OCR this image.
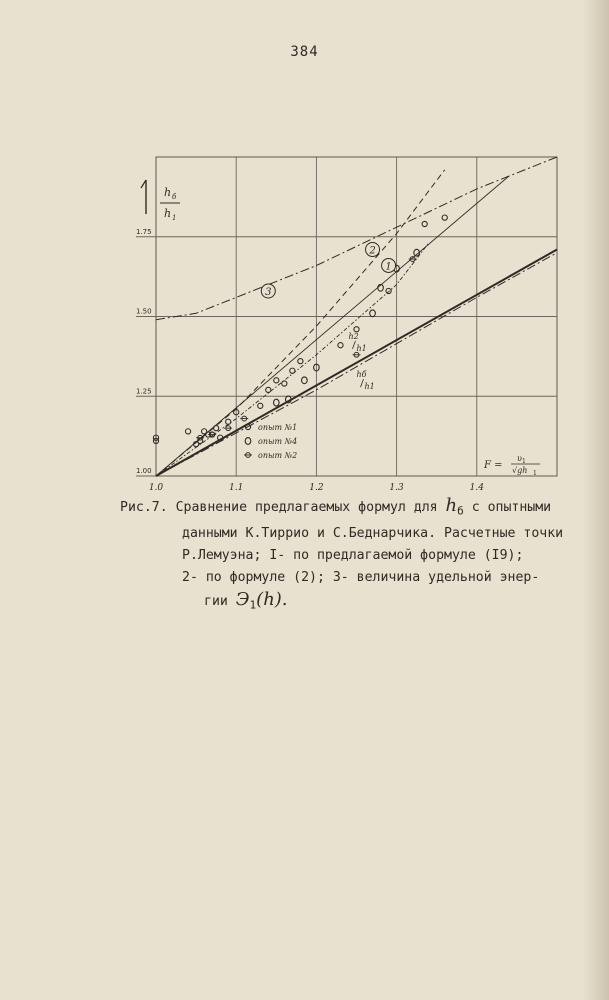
384
1.0	1.1	1.2	1.3	1.4
1.00
1.25
1.50
1.75
h б
h 1
F =
υ 1
√gh 1
1
2
3
h2
h1
hб
h1
опыт №1
опыт №4
опыт №2
Рис.7. Сравнение предлагаемых формул для $h_б$ с опытными
данными К.Тиррио и С.Беднарчика. Расчетные точки
Р.Лемуэна; I- по предлагаемой формуле (I9);
2- по формуле (2); 3- величина удельной энер-
гии $Э_1(h)$.
